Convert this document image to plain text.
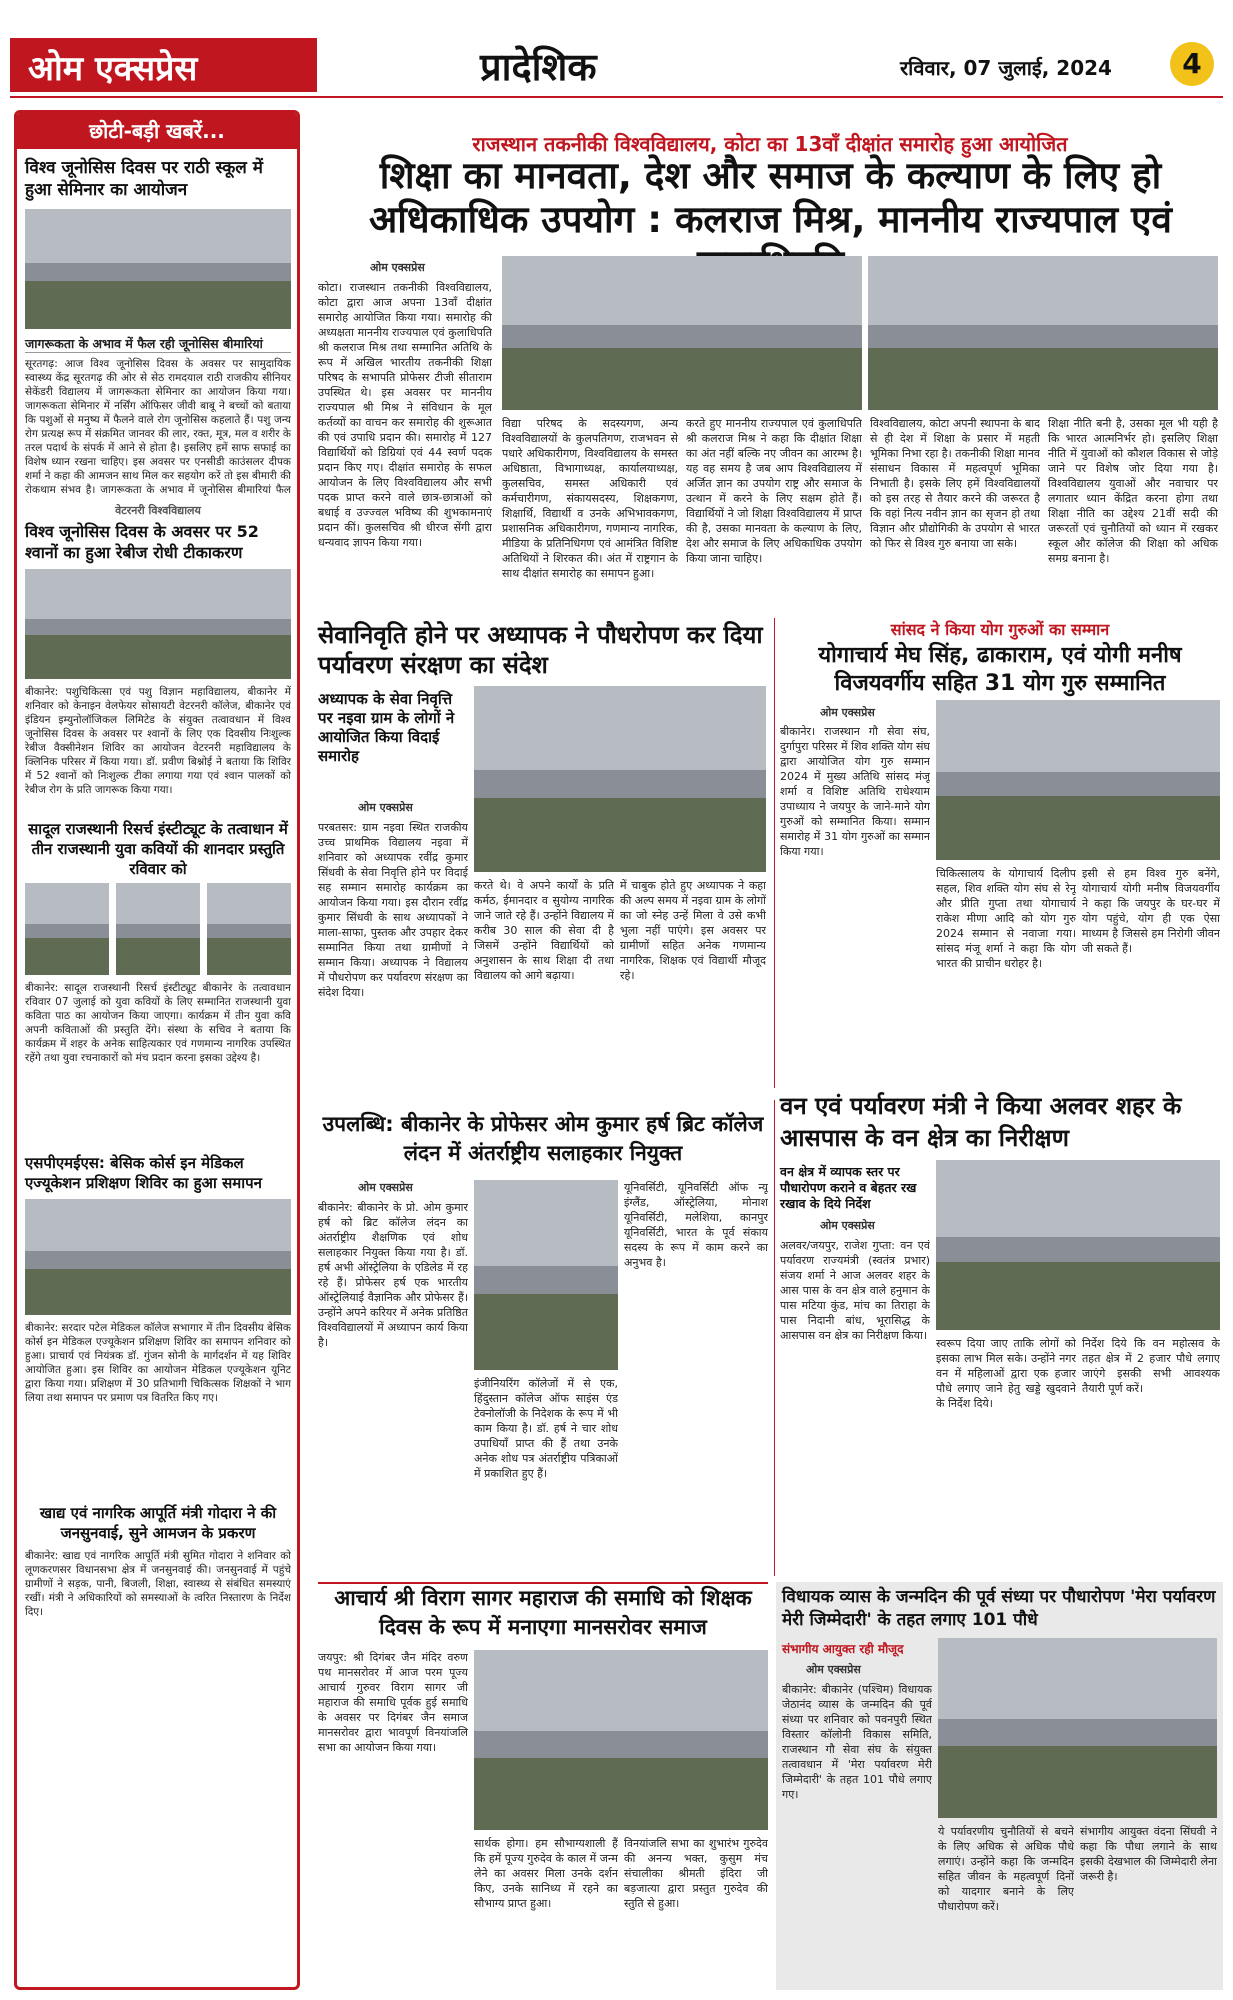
ओम एक्सप्रेस	प्रादेशिक	रविवार, 07 जुलाई, 2024	4
छोटी-बड़ी खबरें...
विश्व जूनोसिस दिवस पर राठी स्कूल में हुआ सेमिनार का आयोजन
जागरूकता के अभाव में फैल रही जूनोसिस बीमारियां
सूरतगढ़: आज विश्व जूनोसिस दिवस के अवसर पर सामुदायिक स्वास्थ्य केंद्र सूरतगढ़ की ओर से सेठ रामदयाल राठी राजकीय सीनियर सेकेंडरी विद्यालय में जागरूकता सेमिनार का आयोजन किया गया। जागरूकता सेमिनार में नर्सिंग ऑफिसर जीवी बाबू ने बच्चों को बताया कि पशुओं से मनुष्य में फैलने वाले रोग जूनोसिस कहलाते हैं। पशु जन्य रोग प्रत्यक्ष रूप में संक्रमित जानवर की लार, रक्त, मूत्र, मल व शरीर के तरल पदार्थ के संपर्क में आने से होता है। इसलिए हमें साफ सफाई का विशेष ध्यान रखना चाहिए। इस अवसर पर एनसीडी काउंसलर दीपक शर्मा ने कहा की आमजन साथ मिल कर सहयोग करें तो इस बीमारी की रोकथाम संभव है। जागरूकता के अभाव में जूनोसिस बीमारियां फैल
वेटरनरी विश्वविद्यालय
विश्व जूनोसिस दिवस के अवसर पर 52 श्वानों का हुआ रेबीज रोधी टीकाकरण
बीकानेर: पशुचिकित्सा एवं पशु विज्ञान महाविद्यालय, बीकानेर में शनिवार को केनाइन वेलफेयर सोसायटी वेटरनरी कॉलेज, बीकानेर एवं इंडियन इम्युनोलॉजिकल लिमिटेड के संयुक्त तत्वावधान में विश्व जूनोसिस दिवस के अवसर पर श्वानों के लिए एक दिवसीय निःशुल्क रेबीज वैक्सीनेशन शिविर का आयोजन वेटरनरी महाविद्यालय के क्लिनिक परिसर में किया गया। डॉ. प्रवीण बिश्नोई ने बताया कि शिविर में 52 श्वानों को निःशुल्क टीका लगाया गया एवं श्वान पालकों को रेबीज रोग के प्रति जागरूक किया गया।
सादूल राजस्थानी रिसर्च इंस्टीट्यूट के तत्वाधान में तीन राजस्थानी युवा कवियों की शानदार प्रस्तुति रविवार को
बीकानेर: सादूल राजस्थानी रिसर्च इंस्टीट्यूट बीकानेर के तत्वावधान रविवार 07 जुलाई को युवा कवियों के लिए सम्मानित राजस्थानी युवा कविता पाठ का आयोजन किया जाएगा। कार्यक्रम में तीन युवा कवि अपनी कविताओं की प्रस्तुति देंगे। संस्था के सचिव ने बताया कि कार्यक्रम में शहर के अनेक साहित्यकार एवं गणमान्य नागरिक उपस्थित रहेंगे तथा युवा रचनाकारों को मंच प्रदान करना इसका उद्देश्य है।
एसपीएमईएस: बेसिक कोर्स इन मेडिकल एज्यूकेशन प्रशिक्षण शिविर का हुआ समापन
बीकानेर: सरदार पटेल मेडिकल कॉलेज सभागार में तीन दिवसीय बेसिक कोर्स इन मेडिकल एज्यूकेशन प्रशिक्षण शिविर का समापन शनिवार को हुआ। प्राचार्य एवं नियंत्रक डॉ. गुंजन सोनी के मार्गदर्शन में यह शिविर आयोजित हुआ। इस शिविर का आयोजन मेडिकल एज्यूकेशन यूनिट द्वारा किया गया। प्रशिक्षण में 30 प्रतिभागी चिकित्सक शिक्षकों ने भाग लिया तथा समापन पर प्रमाण पत्र वितरित किए गए।
खाद्य एवं नागरिक आपूर्ति मंत्री गोदारा ने की जनसुनवाई, सुने आमजन के प्रकरण
बीकानेर: खाद्य एवं नागरिक आपूर्ति मंत्री सुमित गोदारा ने शनिवार को लूणकरणसर विधानसभा क्षेत्र में जनसुनवाई की। जनसुनवाई में पहुंचे ग्रामीणों ने सड़क, पानी, बिजली, शिक्षा, स्वास्थ्य से संबंधित समस्याएं रखीं। मंत्री ने अधिकारियों को समस्याओं के त्वरित निस्तारण के निर्देश दिए।
राजस्थान तकनीकी विश्वविद्यालय, कोटा का 13वाँ दीक्षांत समारोह हुआ आयोजित
शिक्षा का मानवता, देश और समाज के कल्याण के लिए हो अधिकाधिक उपयोग : कलराज मिश्र, माननीय राज्यपाल एवं
ओम एक्सप्रेस
कोटा। राजस्थान तकनीकी विश्वविद्यालय, कोटा द्वारा आज अपना 13वाँ दीक्षांत समारोह आयोजित किया गया। समारोह की अध्यक्षता माननीय राज्यपाल एवं कुलाधिपति श्री कलराज मिश्र तथा सम्मानित अतिथि के रूप में अखिल भारतीय तकनीकी शिक्षा परिषद के सभापति प्रोफेसर टीजी सीताराम उपस्थित थे। इस अवसर पर माननीय राज्यपाल श्री मिश्र ने संविधान के मूल कर्तव्यों का वाचन कर समारोह की शुरूआत की एवं उपाधि प्रदान की। समारोह में 127 विद्यार्थियों को डिग्रियां एवं 44 स्वर्ण पदक प्रदान किए गए। दीक्षांत समारोह के सफल आयोजन के लिए विश्वविद्यालय और सभी पदक प्राप्त करने वाले छात्र-छात्राओं को बधाई व उज्ज्वल भविष्य की शुभकामनाएं प्रदान कीं। कुलसचिव श्री धीरज सेंगी द्वारा धन्यवाद ज्ञापन किया गया।
विद्या परिषद के सदस्यगण, अन्य विश्वविद्यालयों के कुलपतिगण, राजभवन से पधारे अधिकारीगण, विश्वविद्यालय के समस्त अधिष्ठाता, विभागाध्यक्ष, कार्यालयाध्यक्ष, कुलसचिव, समस्त अधिकारी एवं कर्मचारीगण, संकायसदस्य, शिक्षकगण, शिक्षार्थि, विद्यार्थी व उनके अभिभावकगण, प्रशासनिक अधिकारीगण, गणमान्य नागरिक, मीडिया के प्रतिनिधिगण एवं आमंत्रित विशिष्ट अतिथियों ने शिरकत की। अंत में राष्ट्रगान के साथ दीक्षांत समारोह का समापन हुआ।
करते हुए माननीय राज्यपाल एवं कुलाधिपति श्री कलराज मिश्र ने कहा कि दीक्षांत शिक्षा का अंत नहीं बल्कि नए जीवन का आरम्भ है। यह वह समय है जब आप विश्वविद्यालय में अर्जित ज्ञान का उपयोग राष्ट्र और समाज के उत्थान में करने के लिए सक्षम होते हैं। विद्यार्थियों ने जो शिक्षा विश्वविद्यालय में प्राप्त की है, उसका मानवता के कल्याण के लिए, देश और समाज के लिए अधिकाधिक उपयोग किया जाना चाहिए।
विश्वविद्यालय, कोटा अपनी स्थापना के बाद से ही देश में शिक्षा के प्रसार में महती भूमिका निभा रहा है। तकनीकी शिक्षा मानव संसाधन विकास में महत्वपूर्ण भूमिका निभाती है। इसके लिए हमें विश्वविद्यालयों को इस तरह से तैयार करने की जरूरत है कि वहां नित्य नवीन ज्ञान का सृजन हो तथा विज्ञान और प्रौद्योगिकी के उपयोग से भारत को फिर से विश्व गुरु बनाया जा सके।
शिक्षा नीति बनी है, उसका मूल भी यही है कि भारत आत्मनिर्भर हो। इसलिए शिक्षा नीति में युवाओं को कौशल विकास से जोड़े जाने पर विशेष जोर दिया गया है। विश्वविद्यालय युवाओं और नवाचार पर लगातार ध्यान केंद्रित करना होगा तथा शिक्षा नीति का उद्देश्य 21वीं सदी की जरूरतों एवं चुनौतियों को ध्यान में रखकर स्कूल और कॉलेज की शिक्षा को अधिक समग्र बनाना है।
सेवानिवृति होने पर अध्यापक ने पौधरोपण कर दिया पर्यावरण संरक्षण का संदेश
अध्यापक के सेवा निवृत्ति पर नइवा ग्राम के लोगों ने आयोजित किया विदाई समारोह
ओम एक्सप्रेस
परबतसर: ग्राम नइवा स्थित राजकीय उच्च प्राथमिक विद्यालय नइवा में शनिवार को अध्यापक रवींद्र कुमार सिंधवी के सेवा निवृत्ति होने पर विदाई सह सम्मान समारोह कार्यक्रम का आयोजन किया गया। इस दौरान रवींद्र कुमार सिंधवी के साथ अध्यापकों ने माला-साफा, पुस्तक और उपहार देकर सम्मानित किया तथा ग्रामीणों ने सम्मान किया। अध्यापक ने विद्यालय में पौधरोपण कर पर्यावरण संरक्षण का संदेश दिया।
करते थे। वे अपने कार्यों के प्रति कर्मठ, ईमानदार व सुयोग्य नागरिक जाने जाते रहे हैं। उन्होंने विद्यालय में करीब 30 साल की सेवा दी है जिसमें उन्होंने विद्यार्थियों को अनुशासन के साथ शिक्षा दी तथा विद्यालय को आगे बढ़ाया।
में चाबुक होते हुए अध्यापक ने कहा की अल्प समय में नइवा ग्राम के लोगों का जो स्नेह उन्हें मिला वे उसे कभी भुला नहीं पाएंगे। इस अवसर पर ग्रामीणों सहित अनेक गणमान्य नागरिक, शिक्षक एवं विद्यार्थी मौजूद रहे।
सांसद ने किया योग गुरुओं का सम्मान
योगाचार्य मेघ सिंह, ढाकाराम, एवं योगी मनीष विजयवर्गीय सहित 31 योग गुरु सम्मानित
ओम एक्सप्रेस
बीकानेर। राजस्थान गौ सेवा संघ, दुर्गापुरा परिसर में शिव शक्ति योग संघ द्वारा आयोजित योग गुरु सम्मान 2024 में मुख्य अतिथि सांसद मंजू शर्मा व विशिष्ट अतिथि राधेश्याम उपाध्याय ने जयपुर के जाने-माने योग गुरुओं को सम्मानित किया। सम्मान समारोह में 31 योग गुरुओं का सम्मान किया गया।
चिकित्सालय के योगाचार्य दिलीप सहल, शिव शक्ति योग संघ से रेनू और प्रीति गुप्ता तथा योगाचार्य राकेश मीणा आदि को योग गुरु 2024 सम्मान से नवाजा गया। सांसद मंजू शर्मा ने कहा कि योग भारत की प्राचीन धरोहर है।
इसी से हम विश्व गुरु बनेंगे, योगाचार्य योगी मनीष विजयवर्गीय ने कहा कि जयपुर के घर-घर में योग पहुंचे, योग ही एक ऐसा माध्यम है जिससे हम निरोगी जीवन जी सकते हैं।
उपलब्धि: बीकानेर के प्रोफेसर ओम कुमार हर्ष ब्रिट कॉलेज लंदन में अंतर्राष्ट्रीय सलाहकार नियुक्त
ओम एक्सप्रेस
बीकानेर: बीकानेर के प्रो. ओम कुमार हर्ष को ब्रिट कॉलेज लंदन का अंतर्राष्ट्रीय शैक्षणिक एवं शोध सलाहकार नियुक्त किया गया है। डॉ. हर्ष अभी ऑस्ट्रेलिया के एडिलेड में रह रहे हैं। प्रोफेसर हर्ष एक भारतीय ऑस्ट्रेलियाई वैज्ञानिक और प्रोफेसर हैं। उन्होंने अपने करियर में अनेक प्रतिष्ठित विश्वविद्यालयों में अध्यापन कार्य किया है।
इंजीनियरिंग कॉलेजों में से एक, हिंदुस्तान कॉलेज ऑफ साइंस एंड टेक्नोलॉजी के निदेशक के रूप में भी काम किया है। डॉ. हर्ष ने चार शोध उपाधियाँ प्राप्त की हैं तथा उनके अनेक शोध पत्र अंतर्राष्ट्रीय पत्रिकाओं में प्रकाशित हुए हैं।
यूनिवर्सिटी, यूनिवर्सिटी ऑफ न्यू इंग्लैंड, ऑस्ट्रेलिया, मोनाश यूनिवर्सिटी, मलेशिया, कानपुर यूनिवर्सिटी, भारत के पूर्व संकाय सदस्य के रूप में काम करने का अनुभव है।
वन एवं पर्यावरण मंत्री ने किया अलवर शहर के आसपास के वन क्षेत्र का निरीक्षण
वन क्षेत्र में व्यापक स्तर पर पौधारोपण कराने व बेहतर रख रखाव के दिये निर्देश
ओम एक्सप्रेस
अलवर/जयपुर, राजेश गुप्ता: वन एवं पर्यावरण राज्यमंत्री (स्वतंत्र प्रभार) संजय शर्मा ने आज अलवर शहर के आस पास के वन क्षेत्र वाले हनुमान के पास मटिया कुंड, मांच का तिराहा के पास निदानी बांध, भूरासिद्ध के आसपास वन क्षेत्र का निरीक्षण किया।
स्वरूप दिया जाए ताकि लोगों को इसका लाभ मिल सके। उन्होंने नगर वन में महिलाओं द्वारा एक हजार पौधे लगाए जाने हेतु खड्डे खुदवाने के निर्देश दिये।
निर्देश दिये कि वन महोत्सव के तहत क्षेत्र में 2 हजार पौधे लगाए जाएंगे इसकी सभी आवश्यक तैयारी पूर्ण करें।
आचार्य श्री विराग सागर महाराज की समाधि को शिक्षक दिवस के रूप में मनाएगा मानसरोवर समाज
जयपुर: श्री दिगंबर जैन मंदिर वरुण पथ मानसरोवर में आज परम पूज्य आचार्य गुरुवर विराग सागर जी महाराज की समाधि पूर्वक हुई समाधि के अवसर पर दिगंबर जैन समाज मानसरोवर द्वारा भावपूर्ण विनयांजलि सभा का आयोजन किया गया।
सार्थक होगा। हम सौभाग्यशाली हैं कि हमें पूज्य गुरुदेव के काल में जन्म लेने का अवसर मिला उनके दर्शन किए, उनके सानिध्य में रहने का सौभाग्य प्राप्त हुआ।
विनयांजलि सभा का शुभारंभ गुरुदेव की अनन्य भक्त, कुसुम मंच संचालीका श्रीमती इंदिरा जी बड़जात्या द्वारा प्रस्तुत गुरुदेव की स्तुति से हुआ।
विधायक व्यास के जन्मदिन की पूर्व संध्या पर पौधारोपण 'मेरा पर्यावरण मेरी जिम्मेदारी' के तहत लगाए 101 पौधे
संभागीय आयुक्त रही मौजूद
ओम एक्सप्रेस
बीकानेर: बीकानेर (पश्चिम) विधायक जेठानंद व्यास के जन्मदिन की पूर्व संध्या पर शनिवार को पवनपुरी स्थित विस्तार कॉलोनी विकास समिति, राजस्थान गौ सेवा संघ के संयुक्त तत्वावधान में 'मेरा पर्यावरण मेरी जिम्मेदारी' के तहत 101 पौधे लगाए गए।
ये पर्यावरणीय चुनौतियों से बचने के लिए अधिक से अधिक पौधे लगाएं। उन्होंने कहा कि जन्मदिन सहित जीवन के महत्वपूर्ण दिनों को यादगार बनाने के लिए पौधारोपण करें।
संभागीय आयुक्त वंदना सिंघवी ने कहा कि पौधा लगाने के साथ इसकी देखभाल की जिम्मेदारी लेना जरूरी है।
